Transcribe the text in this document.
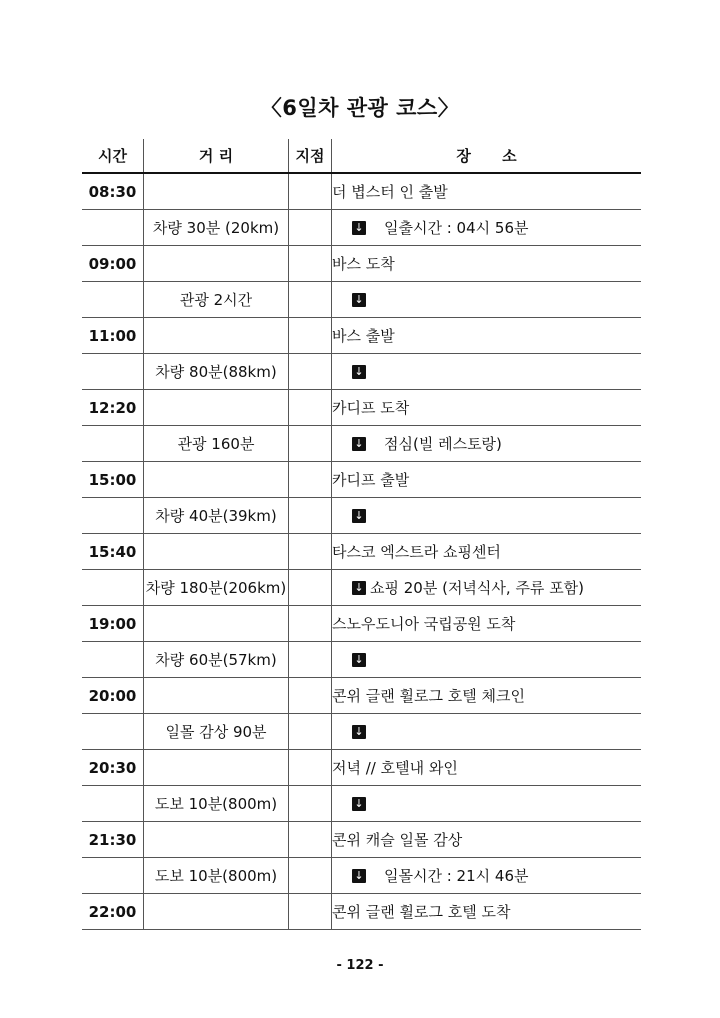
〈6일차 관광 코스〉
시간	거 리	지점	장      소
08:30			더 볍스터 인 출발
	차량 30분 (20km)		↓ 일출시간 : 04시 56분
09:00			바스 도착
	관광 2시간		↓
11:00			바스 출발
	차량 80분(88km)		↓
12:20			카디프 도착
	관광 160분		↓ 점심(빌 레스토랑)
15:00			카디프 출발
	차량 40분(39km)		↓
15:40			타스코 엑스트라 쇼핑센터
	차량 180분(206km)		↓ 쇼핑 20분 (저녁식사, 주류 포함)
19:00			스노우도니아 국립공원 도착
	차량 60분(57km)		↓
20:00			콘위 글랜 휠로그 호텔 체크인
	일몰 감상 90분		↓
20:30			저녁 // 호텔내 와인
	도보 10분(800m)		↓
21:30			콘위 캐슬 일몰 감상
	도보 10분(800m)		↓ 일몰시간 : 21시 46분
22:00			콘위 글랜 휠로그 호텔 도착
- 122 -
